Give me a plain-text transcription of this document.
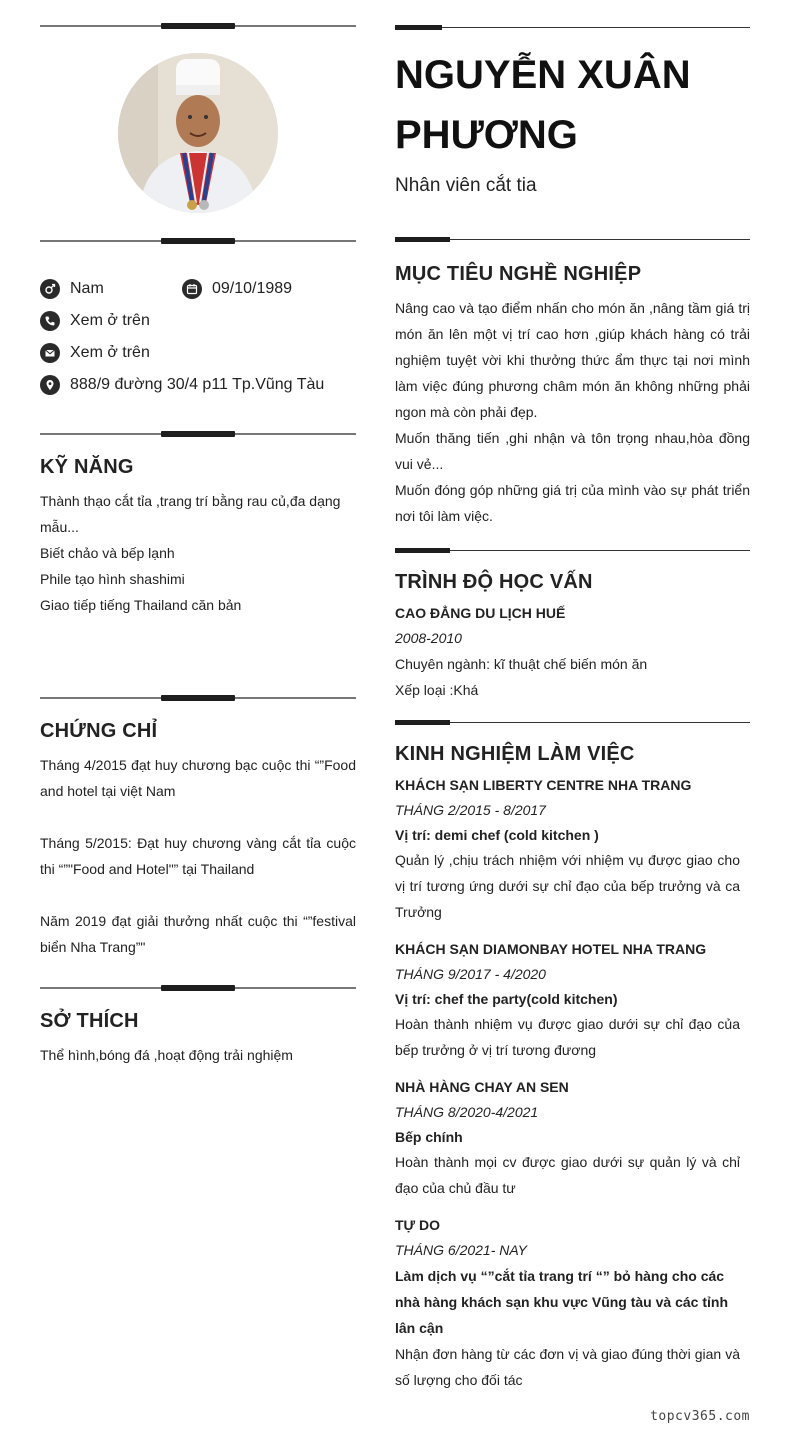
Nam	09/10/1989
Xem ở trên
Xem ở trên
888/9 đường 30/4 p11 Tp.Vũng Tàu
KỸ NĂNG

Thành thạo cắt tỉa ,trang trí bằng rau củ,đa dạng mẫu...

Biết chảo và bếp lạnh

Phile tạo hình shashimi

Giao tiếp tiếng Thailand căn bản

CHỨNG CHỈ

Tháng 4/2015 đạt huy chương bạc cuộc thi “”Food and hotel tại việt Nam

Tháng 5/2015: Đạt huy chương vàng cắt tỉa cuộc thi “”"Food and Hotel"” tại Thailand

Năm 2019 đạt giải thưởng nhất cuộc thi “”festival biển Nha Trang”"

SỞ THÍCH
Thể hình,bóng đá ,hoạt động trải nghiệm
NGUYỄN XUÂN PHƯƠNG
Nhân viên cắt tia
MỤC TIÊU NGHỀ NGHIỆP

Nâng cao và tạo điểm nhấn cho món ăn ,nâng tầm giá trị món ăn lên một vị trí cao hơn ,giúp khách hàng có trải nghiệm tuyệt vời khi thưởng thức ẩm thực tại nơi mình làm việc đúng phương châm món ăn không những phải ngon mà còn phải đẹp.

Muốn thăng tiến ,ghi nhận và tôn trọng nhau,hòa đồng vui vẻ...

Muốn đóng góp những giá trị của mình vào sự phát triển nơi tôi làm việc.

TRÌNH ĐỘ HỌC VẤN
CAO ĐẲNG DU LỊCH HUẾ
2008-2010
Chuyên ngành: kĩ thuật chế biến món ăn
Xếp loại :Khá
KINH NGHIỆM LÀM VIỆC
KHÁCH SẠN LIBERTY CENTRE NHA TRANG
THÁNG 2/2015 - 8/2017
Vị trí: demi chef (cold kitchen )
Quản lý ,chịu trách nhiệm với nhiệm vụ được giao cho vị trí tương ứng dưới sự chỉ đạo của bếp trưởng và ca Trưởng
KHÁCH SẠN DIAMONBAY HOTEL NHA TRANG
THÁNG 9/2017 - 4/2020
Vị trí: chef the party(cold kitchen)
Hoàn thành nhiệm vụ được giao dưới sự chỉ đạo của bếp trưởng ở vị trí tương đương
NHÀ HÀNG CHAY AN SEN
THÁNG 8/2020-4/2021
Bếp chính
Hoàn thành mọi cv được giao dưới sự quản lý và chỉ đạo của chủ đầu tư
TỰ DO
THÁNG 6/2021- NAY
Làm dịch vụ “”cắt tỉa trang trí “” bỏ hàng cho các nhà hàng khách sạn khu vực Vũng tàu và các tỉnh lân cận
Nhận đơn hàng từ các đơn vị và giao đúng thời gian và số lượng cho đối tác
topcv365.com
